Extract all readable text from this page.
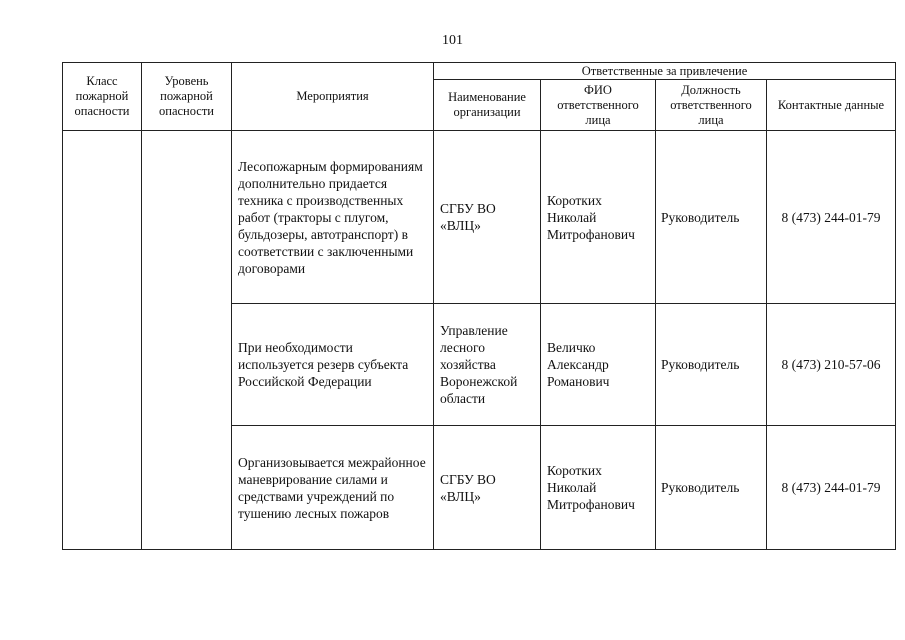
101
Класс пожарной опасности	Уровень пожарной опасности	Мероприятия	Ответственные за привлечение			
			Наименование организации	ФИО ответственного лица	Должность ответственного лица	Контактные данные
		Лесопожарным формированиям дополнительно придается техника с производственных работ (тракторы с плугом, бульдозеры, автотранспорт) в соответствии с заключенными договорами	СГБУ ВО «ВЛЦ»	Коротких Николай Митрофанович	Руководитель	8 (473) 244-01-79
		При необходимости используется резерв субъекта Российской Федерации	Управление лесного хозяйства Воронежской области	Величко Александр Романович	Руководитель	8 (473) 210-57-06
		Организовывается межрайонное маневрирование силами и средствами учреждений по тушению лесных пожаров	СГБУ ВО «ВЛЦ»	Коротких Николай Митрофанович	Руководитель	8 (473) 244-01-79
